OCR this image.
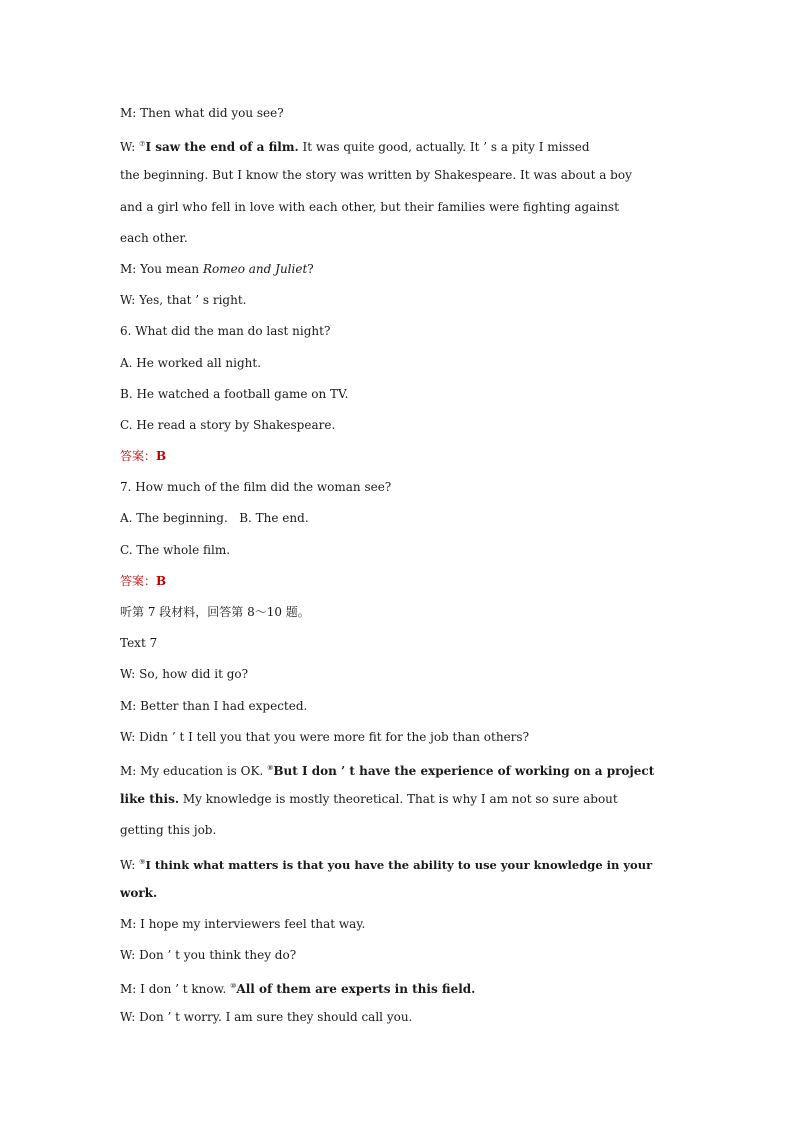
M: Then what did you see?
W: ⑦I saw the end of a film. It was quite good, actually. It ’ s a pity I missed
the beginning. But I know the story was written by Shakespeare. It was about a boy
and a girl who fell in love with each other, but their families were fighting against
each other.
M: You mean Romeo and Juliet?
W: Yes, that ’ s right.
6. What did the man do last night?
A. He worked all night.
B. He watched a football game on TV.
C. He read a story by Shakespeare.
答案：B
7. How much of the film did the woman see?
A. The beginning.   B. The end.
C. The whole film.
答案：B
听第 7 段材料，回答第 8～10 题。
Text 7
W: So, how did it go?
M: Better than I had expected.
W: Didn ’ t I tell you that you were more fit for the job than others?
M: My education is OK. ⑧But I don ’ t have the experience of working on a project
like this. My knowledge is mostly theoretical. That is why I am not so sure about
getting this job.
W: ⑨I think what matters is that you have the ability to use your knowledge in your
work.
M: I hope my interviewers feel that way.
W: Don ’ t you think they do?
M: I don ’ t know. ⑩All of them are experts in this field.
W: Don ’ t worry. I am sure they should call you.
